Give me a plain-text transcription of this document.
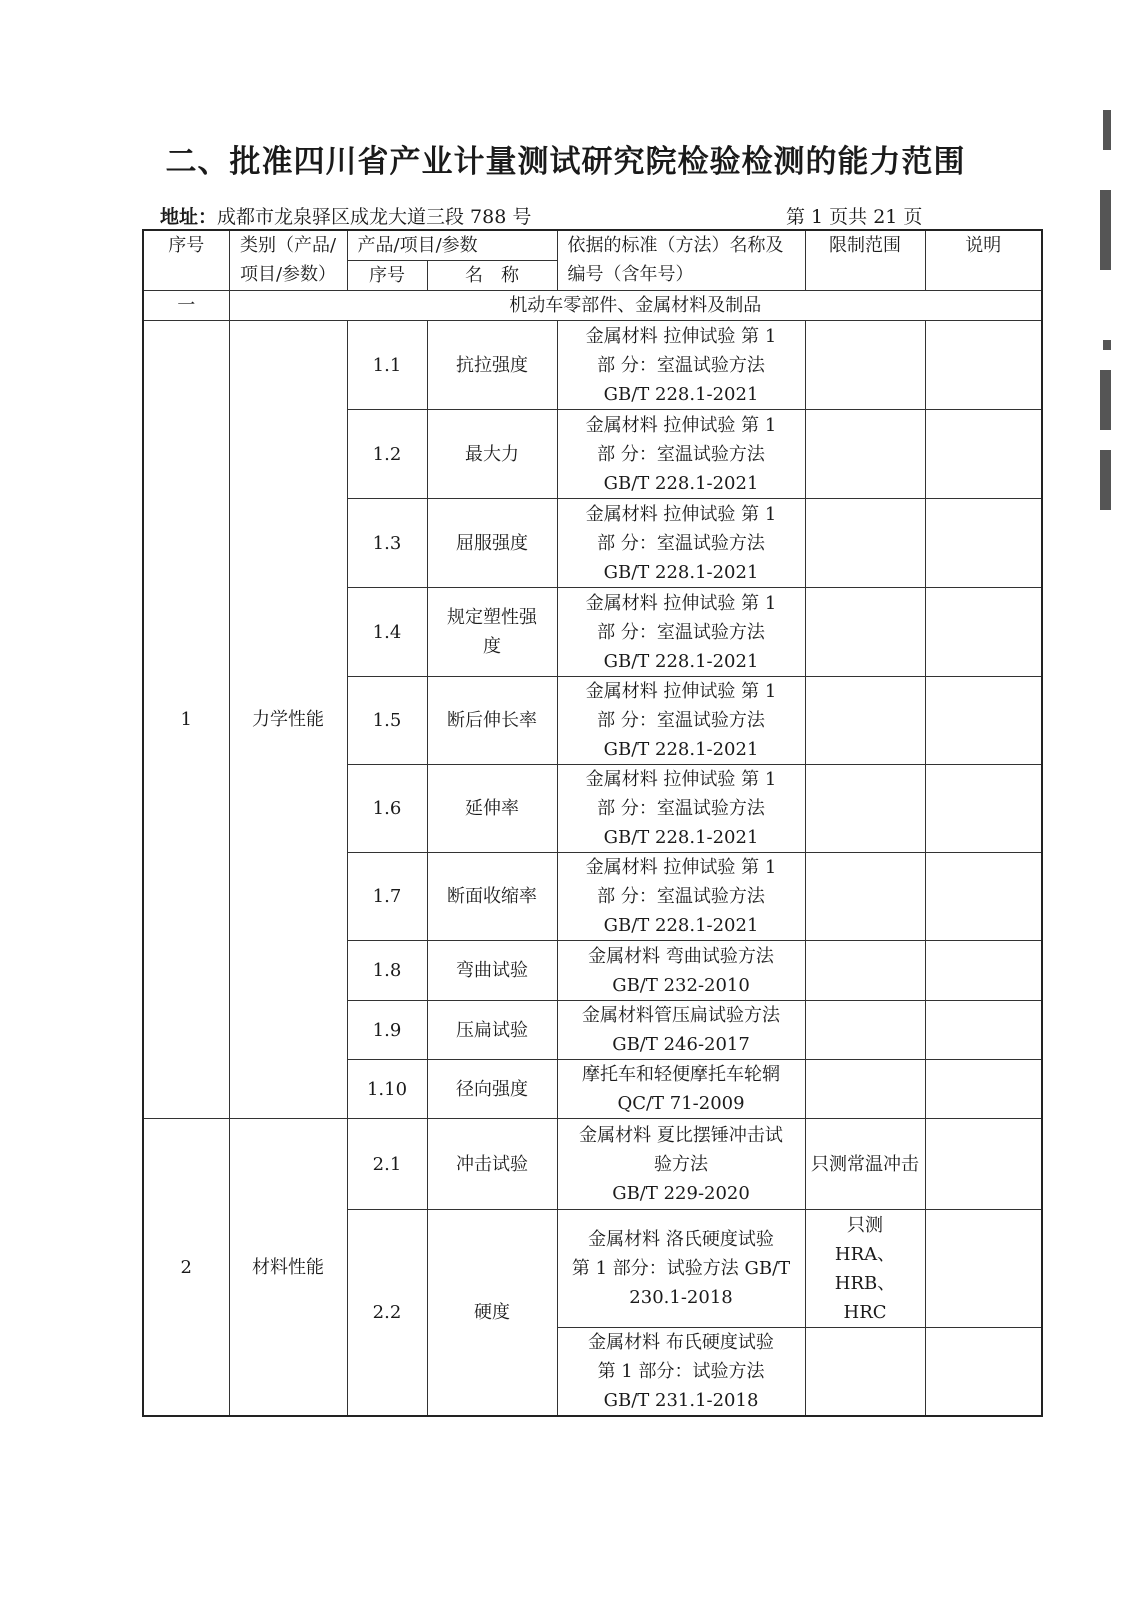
二、批准四川省产业计量测试研究院检验检测的能力范围
地址：成都市龙泉驿区成龙大道三段 788 号	第 1 页共 21 页
序号	类别（产品/项目/参数）	产品/项目/参数		依据的标准（方法）名称及编号（含年号）	限制范围	说明
		序号	名　称			
一	机动车零部件、金属材料及制品					
1	力学性能	1.1	抗拉强度	金属材料 拉伸试验 第 1
部 分：室温试验方法
GB/T 228.1-2021		

		1.2	最大力	金属材料 拉伸试验 第 1
部 分：室温试验方法
GB/T 228.1-2021		

		1.3	屈服强度	金属材料 拉伸试验 第 1
部 分：室温试验方法
GB/T 228.1-2021		

		1.4	规定塑性强度	金属材料 拉伸试验 第 1
部 分：室温试验方法
GB/T 228.1-2021		

		1.5	断后伸长率	金属材料 拉伸试验 第 1
部 分：室温试验方法
GB/T 228.1-2021		

		1.6	延伸率	金属材料 拉伸试验 第 1
部 分：室温试验方法
GB/T 228.1-2021		

		1.7	断面收缩率	金属材料 拉伸试验 第 1
部 分：室温试验方法
GB/T 228.1-2021		

		1.8	弯曲试验	金属材料 弯曲试验方法
GB/T 232-2010		

		1.9	压扁试验	金属材料管压扁试验方法
GB/T 246-2017		

		1.10	径向强度	摩托车和轻便摩托车轮辋
QC/T 71-2009		

2	材料性能	2.1	冲击试验	金属材料 夏比摆锤冲击试
验方法
GB/T 229-2020	只测常温冲击	
		2.2	硬度	金属材料 洛氏硬度试验
第 1 部分：试验方法 GB/T
230.1-2018	只测 HRA、HRB、HRC	

				金属材料 布氏硬度试验
第 1 部分：试验方法
GB/T 231.1-2018		
